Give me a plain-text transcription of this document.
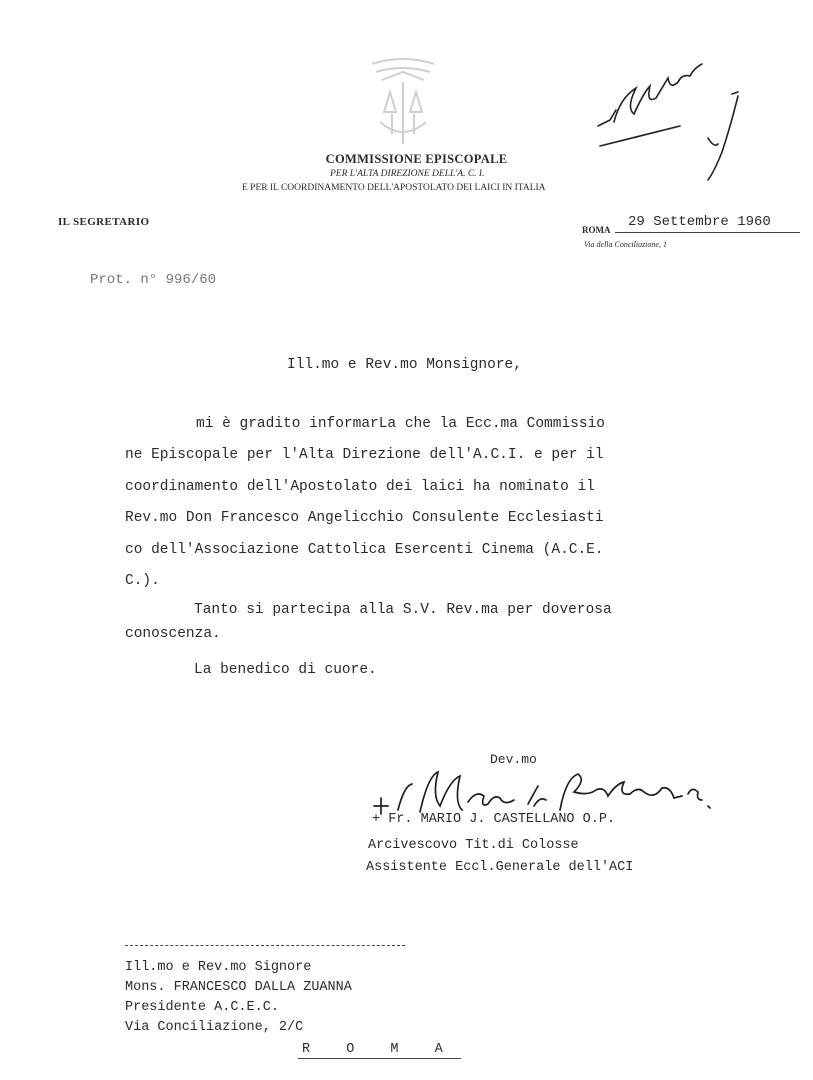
COMMISSIONE EPISCOPALE
PER L'ALTA DIREZIONE DELL'A. C. I.
E PER IL COORDINAMENTO DELL'APOSTOLATO DEI LAICI IN ITALIA
IL SEGRETARIO
ROMA 29 Settembre 1960
Via della Conciliazione, 1
Prot. n° 996/60
Ill.mo e Rev.mo Monsignore,

mi è gradito informarLa che la Ecc.ma Commissio

ne Episcopale per l'Alta Direzione dell'A.C.I. e per il

coordinamento dell'Apostolato dei laici ha nominato il

Rev.mo Don Francesco Angelicchio Consulente Ecclesiasti

co dell'Associazione Cattolica Esercenti Cinema (A.C.E.

C.).

Tanto si partecipa alla S.V. Rev.ma per doverosa

conoscenza.

La benedico di cuore.
Dev.mo
+ Fr. MARIO J. CASTELLANO O.P.
Arcivescovo Tit.di Colosse
Assistente Eccl.Generale dell'ACI
Ill.mo e Rev.mo Signore
Mons. FRANCESCO DALLA ZUANNA
Presidente A.C.E.C.
Via Conciliazione, 2/C
R O M A
